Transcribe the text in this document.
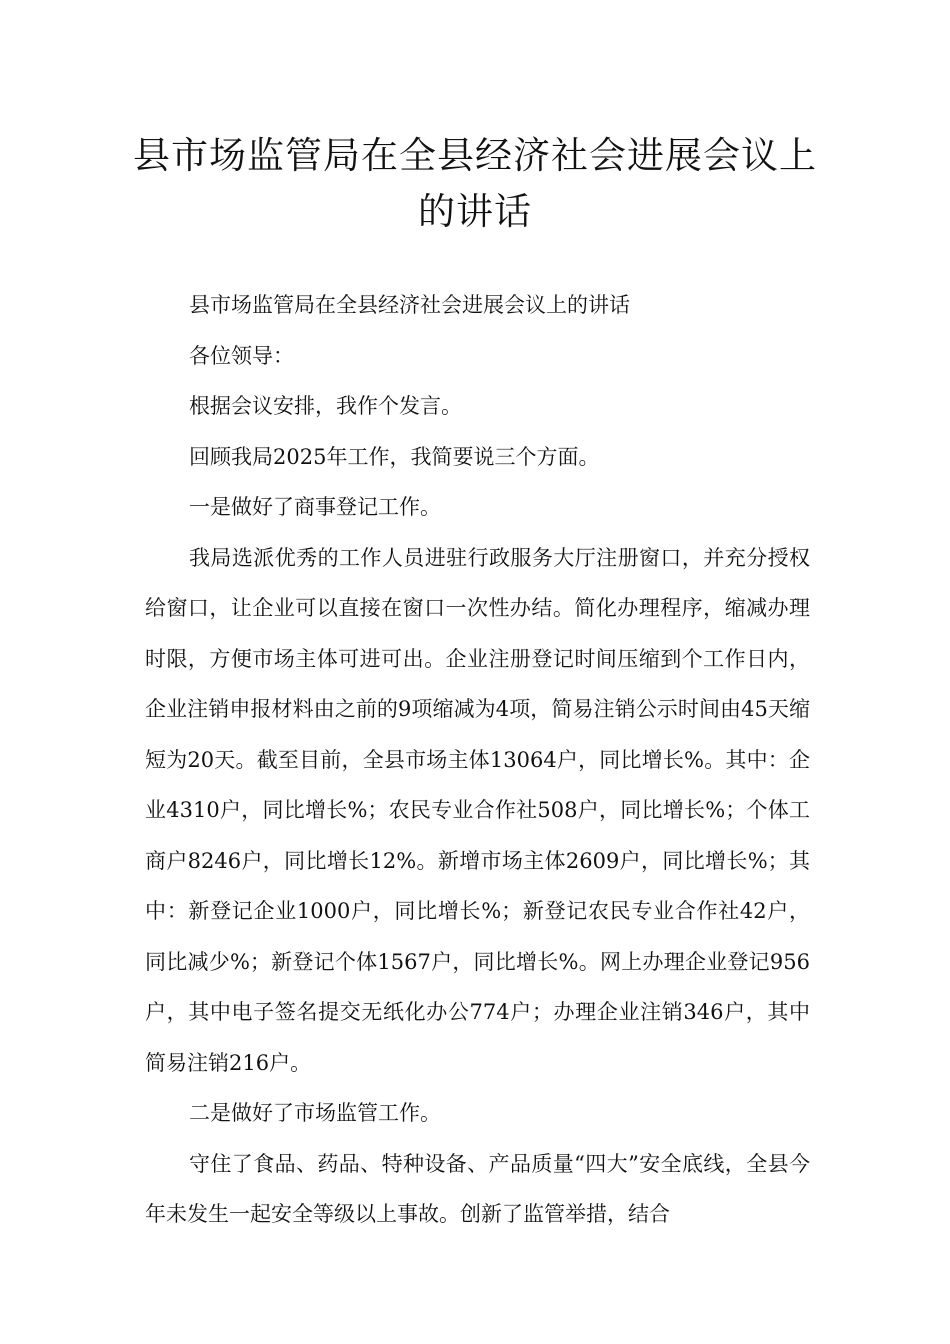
县市场监管局在全县经济社会进展会议上的讲话

县市场监管局在全县经济社会进展会议上的讲话

各位领导：

根据会议安排，我作个发言。

回顾我局2025年工作，我简要说三个方面。

一是做好了商事登记工作。

我局选派优秀的工作人员进驻行政服务大厅注册窗口，并充分授权给窗口，让企业可以直接在窗口一次性办结。简化办理程序，缩减办理时限，方便市场主体可进可出。企业注册登记时间压缩到个工作日内，企业注销申报材料由之前的9项缩减为4项，简易注销公示时间由45天缩短为20天。截至目前，全县市场主体13064户，同比增长%。其中：企业4310户，同比增长%；农民专业合作社508户，同比增长%；个体工商户8246户，同比增长12%。新增市场主体2609户，同比增长%；其中：新登记企业1000户，同比增长%；新登记农民专业合作社42户，同比减少%；新登记个体1567户，同比增长%。网上办理企业登记956户，其中电子签名提交无纸化办公774户；办理企业注销346户，其中简易注销216户。

二是做好了市场监管工作。

守住了食品、药品、特种设备、产品质量“四大”安全底线，全县今年未发生一起安全等级以上事故。创新了监管举措，结合
